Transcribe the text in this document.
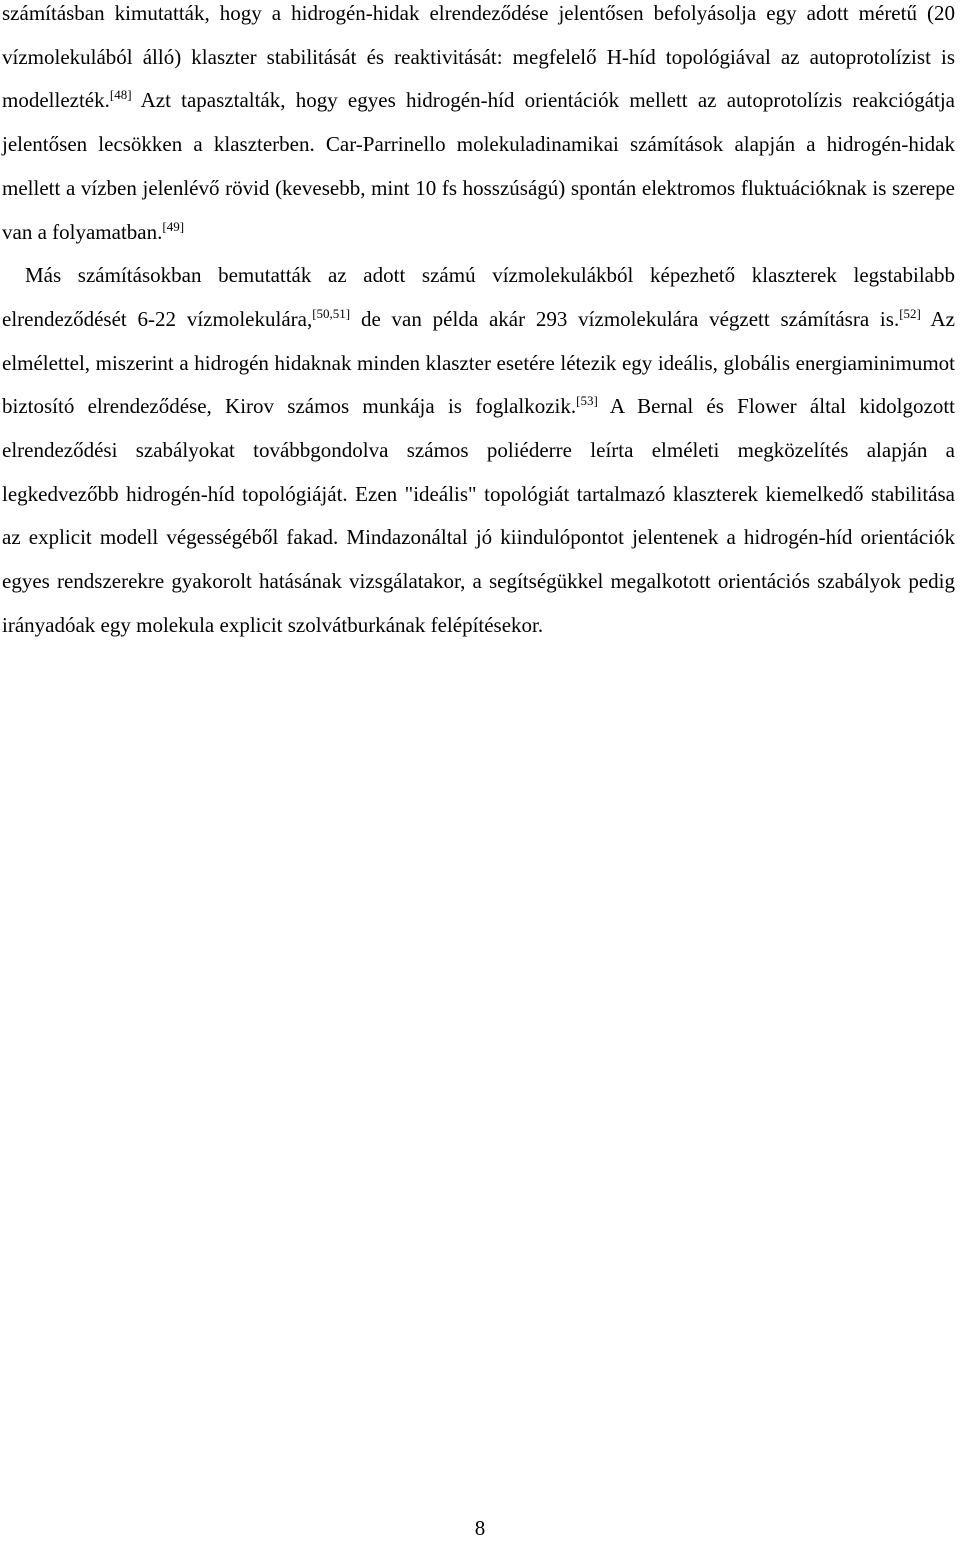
számításban kimutatták, hogy a hidrogén-hidak elrendeződése jelentősen befolyásolja egy adott méretű (20 vízmolekulából álló) klaszter stabilitását és reaktivitását: megfelelő H-híd topológiával az autoprotolízist is modellezték.[48] Azt tapasztalták, hogy egyes hidrogén-híd orientációk mellett az autoprotolízis reakciógátja jelentősen lecsökken a klaszterben. Car-Parrinello molekuladinamikai számítások alapján a hidrogén-hidak mellett a vízben jelenlévő rövid (kevesebb, mint 10 fs hosszúságú) spontán elektromos fluktuációknak is szerepe van a folyamatban.[49]

Más számításokban bemutatták az adott számú vízmolekulákból képezhető klaszterek legstabilabb elrendeződését 6-22 vízmolekulára,[50,51] de van példa akár 293 vízmolekulára végzett számításra is.[52] Az elmélettel, miszerint a hidrogén hidaknak minden klaszter esetére létezik egy ideális, globális energiaminimumot biztosító elrendeződése, Kirov számos munkája is foglalkozik.[53] A Bernal és Flower által kidolgozott elrendeződési szabályokat továbbgondolva számos poliéderre leírta elméleti megközelítés alapján a legkedvezőbb hidrogén-híd topológiáját. Ezen "ideális" topológiát tartalmazó klaszterek kiemelkedő stabilitása az explicit modell végességéből fakad. Mindazonáltal jó kiindulópontot jelentenek a hidrogén-híd orientációk egyes rendszerekre gyakorolt hatásának vizsgálatakor, a segítségükkel megalkotott orientációs szabályok pedig irányadóak egy molekula explicit szolvátburkának felépítésekor.

8
